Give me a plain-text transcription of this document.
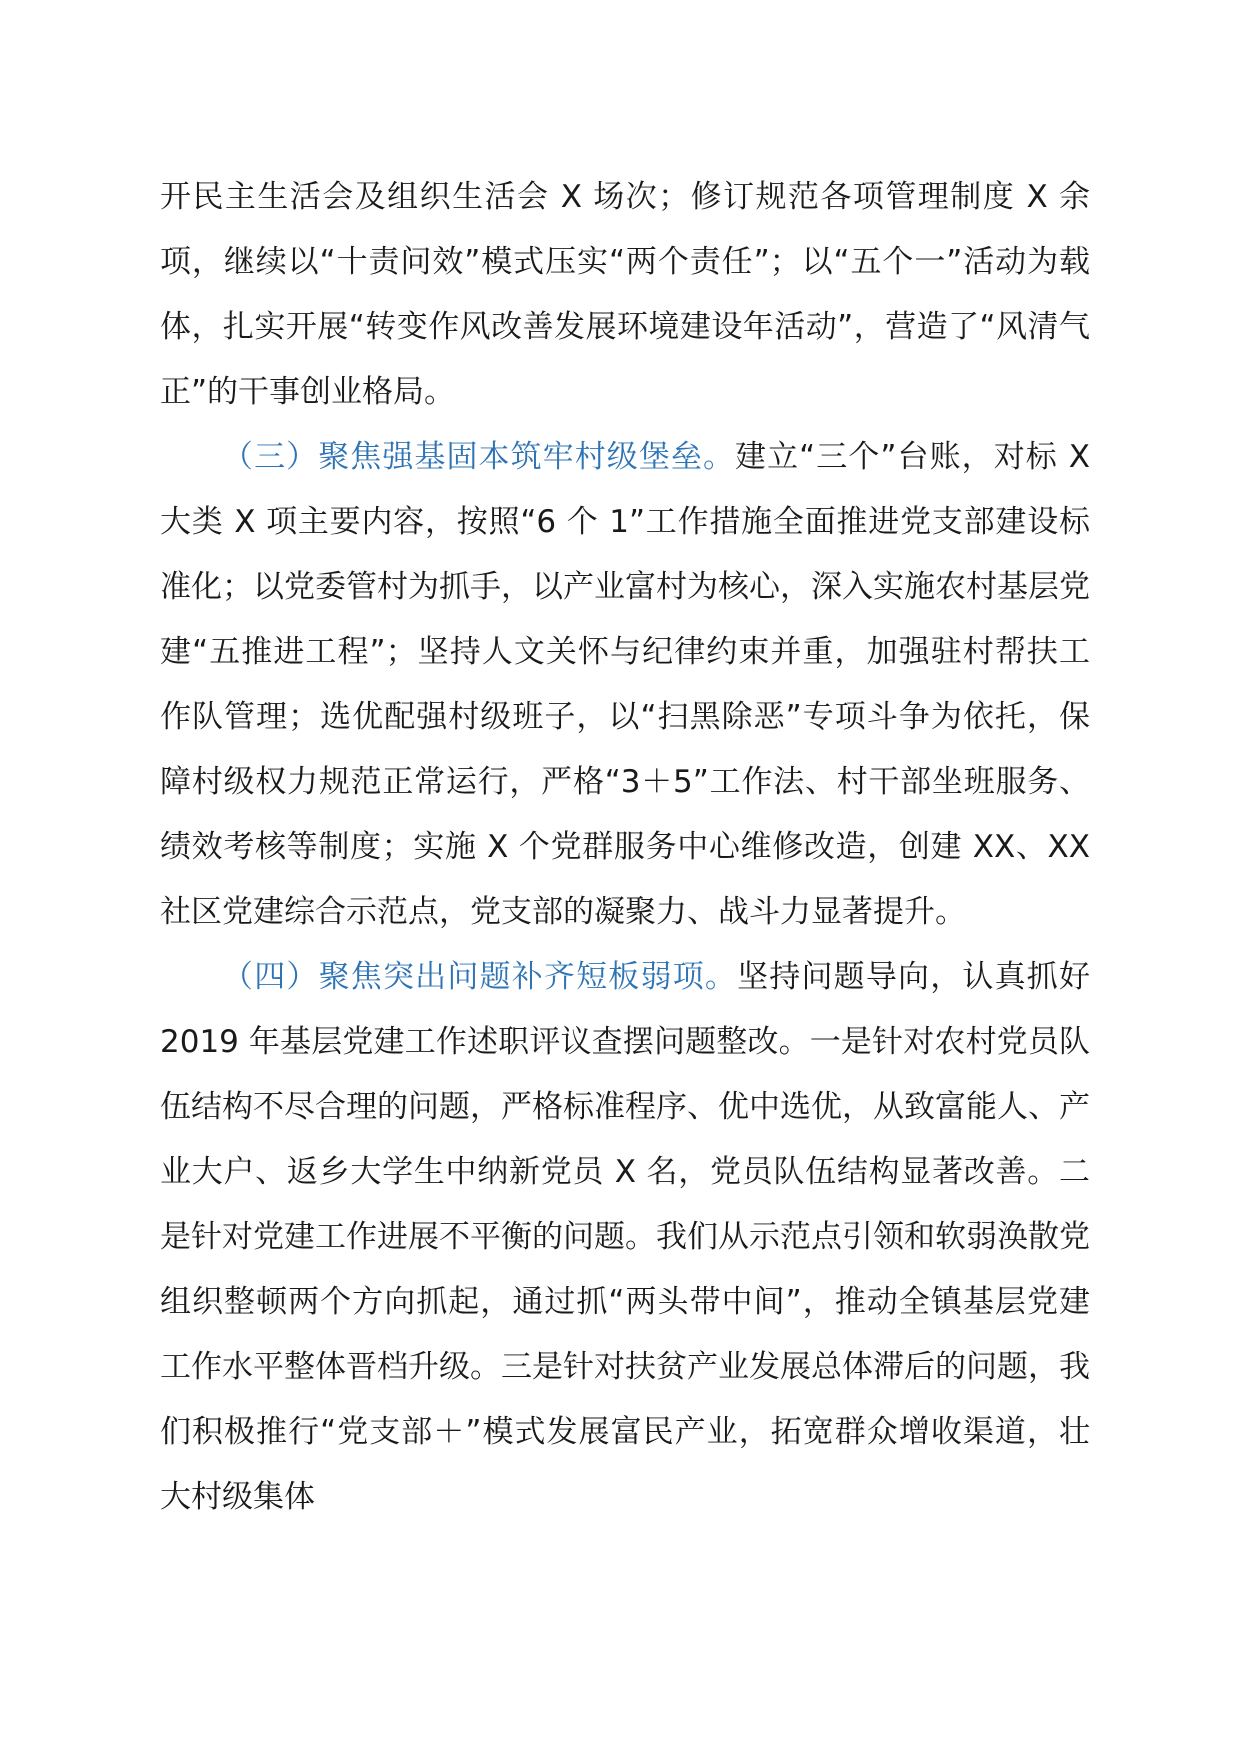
开民主生活会及组织生活会 X 场次；修订规范各项管理制度 X 余项，继续以“十责问效”模式压实“两个责任”；以“五个一”活动为载体，扎实开展“转变作风改善发展环境建设年活动”，营造了“风清气正”的干事创业格局。

（三）聚焦强基固本筑牢村级堡垒。建立“三个”台账，对标 X 大类 X 项主要内容，按照“6 个 1”工作措施全面推进党支部建设标准化；以党委管村为抓手，以产业富村为核心，深入实施农村基层党建“五推进工程”；坚持人文关怀与纪律约束并重，加强驻村帮扶工作队管理；选优配强村级班子，以“扫黑除恶”专项斗争为依托，保障村级权力规范正常运行，严格“3＋5”工作法、村干部坐班服务、绩效考核等制度；实施 X 个党群服务中心维修改造，创建 XX、XX 社区党建综合示范点，党支部的凝聚力、战斗力显著提升。

（四）聚焦突出问题补齐短板弱项。坚持问题导向，认真抓好 2019 年基层党建工作述职评议查摆问题整改。一是针对农村党员队伍结构不尽合理的问题，严格标准程序、优中选优，从致富能人、产业大户、返乡大学生中纳新党员 X 名，党员队伍结构显著改善。二是针对党建工作进展不平衡的问题。我们从示范点引领和软弱涣散党组织整顿两个方向抓起，通过抓“两头带中间”，推动全镇基层党建工作水平整体晋档升级。三是针对扶贫产业发展总体滞后的问题，我们积极推行“党支部＋”模式发展富民产业，拓宽群众增收渠道，壮大村级集体
